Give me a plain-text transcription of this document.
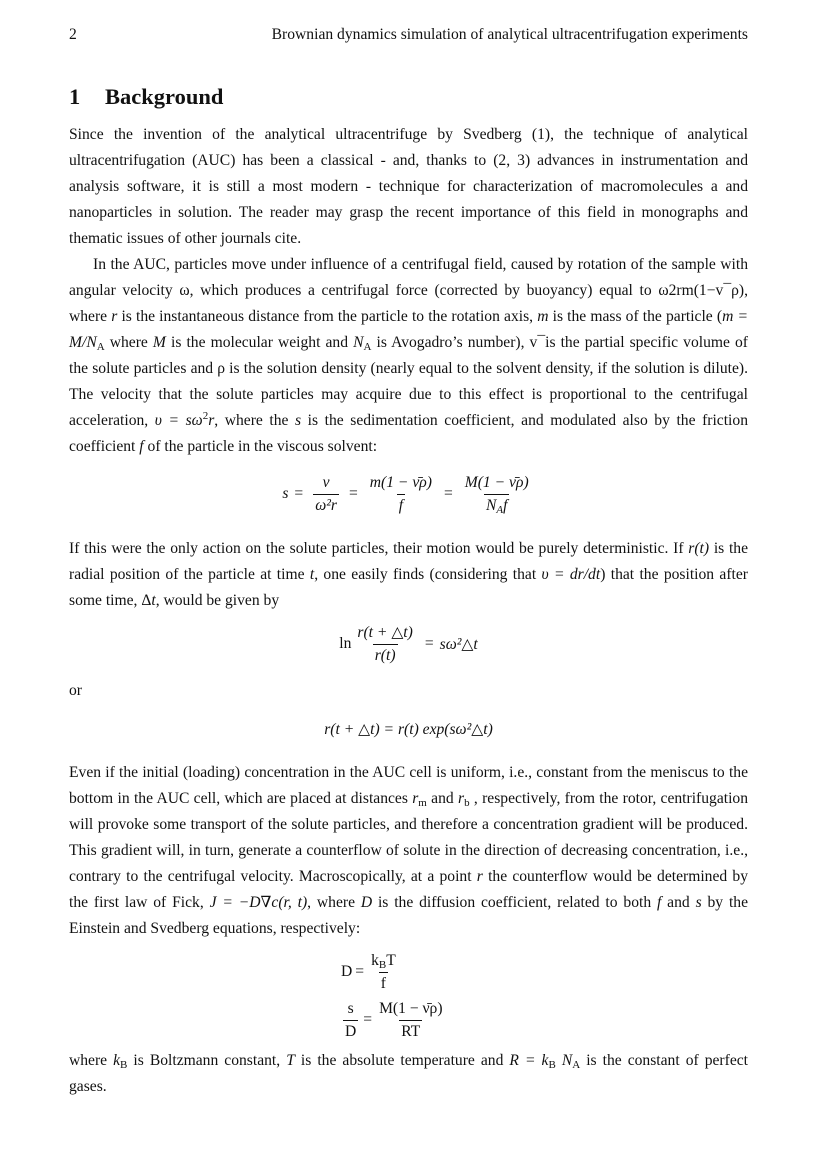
2	Brownian dynamics simulation of analytical ultracentrifugation experiments
1 Background

Since the invention of the analytical ultracentrifuge by Svedberg (1), the technique of analytical ultracentrifugation (AUC) has been a classical - and, thanks to (2, 3) advances in instrumentation and analysis software, it is still a most modern - technique for characterization of macromolecules a and nanoparticles in solution. The reader may grasp the recent importance of this field in monographs and thematic issues of other journals cite.

In the AUC, particles move under influence of a centrifugal field, caused by rotation of the sample with angular velocity ω, which produces a centrifugal force (corrected by buoyancy) equal to ω2rm(1−v¯ρ), where r is the instantaneous distance from the particle to the rotation axis, m is the mass of the particle ($m = M/N_A$ where M is the molecular weight and $N_A$ is Avogadro’s number), v¯is the partial specific volume of the solute particles and ρ is the solution density (nearly equal to the solvent density, if the solution is dilute). The velocity that the solute particles may acquire due to this effect is proportional to the centrifugal acceleration, $\upsilon = s\omega^2r$, where the s is the sedimentation coefficient, and modulated also by the friction coefficient f of the particle in the viscous solvent:

$s = \frac{\nu}{\text{ω²r}} = \frac{m(1 - \nū\rho)}{f} = \frac{M(1 - \nū\rho)}{N_Af}$

If this were the only action on the solute particles, their motion would be purely deterministic. If r(t) is the radial position of the particle at time t, one easily finds (considering that υ = dr/dt) that the position after some time, Δt, would be given by

$\ln \frac{r(t + \triangle t)}{r(t)}$ = sω²△t
or
r(t + △t) = r(t) exp(sω²△t)

Even if the initial (loading) concentration in the AUC cell is uniform, i.e., constant from the meniscus to the bottom in the AUC cell, which are placed at distances $r_m$ and $r_b$ , respectively, from the rotor, centrifugation will provoke some transport of the solute particles, and therefore a concentration gradient will be produced. This gradient will, in turn, generate a counterflow of solute in the direction of decreasing concentration, i.e., contrary to the centrifugal velocity. Macroscopically, at a point r the counterflow would be determined by the first law of Fick, J = −D∇c(r, t), where D is the diffusion coefficient, related to both f and s by the Einstein and Svedberg equations, respectively:

$D = \frac{k_BT}{f}$
$\frac{s}{D} = \frac{M(1 - \nū\rho)}{RT}$

where $k_B$ is Boltzmann constant, T is the absolute temperature and $R = k_B$ $N_A$ is the constant of perfect gases.
